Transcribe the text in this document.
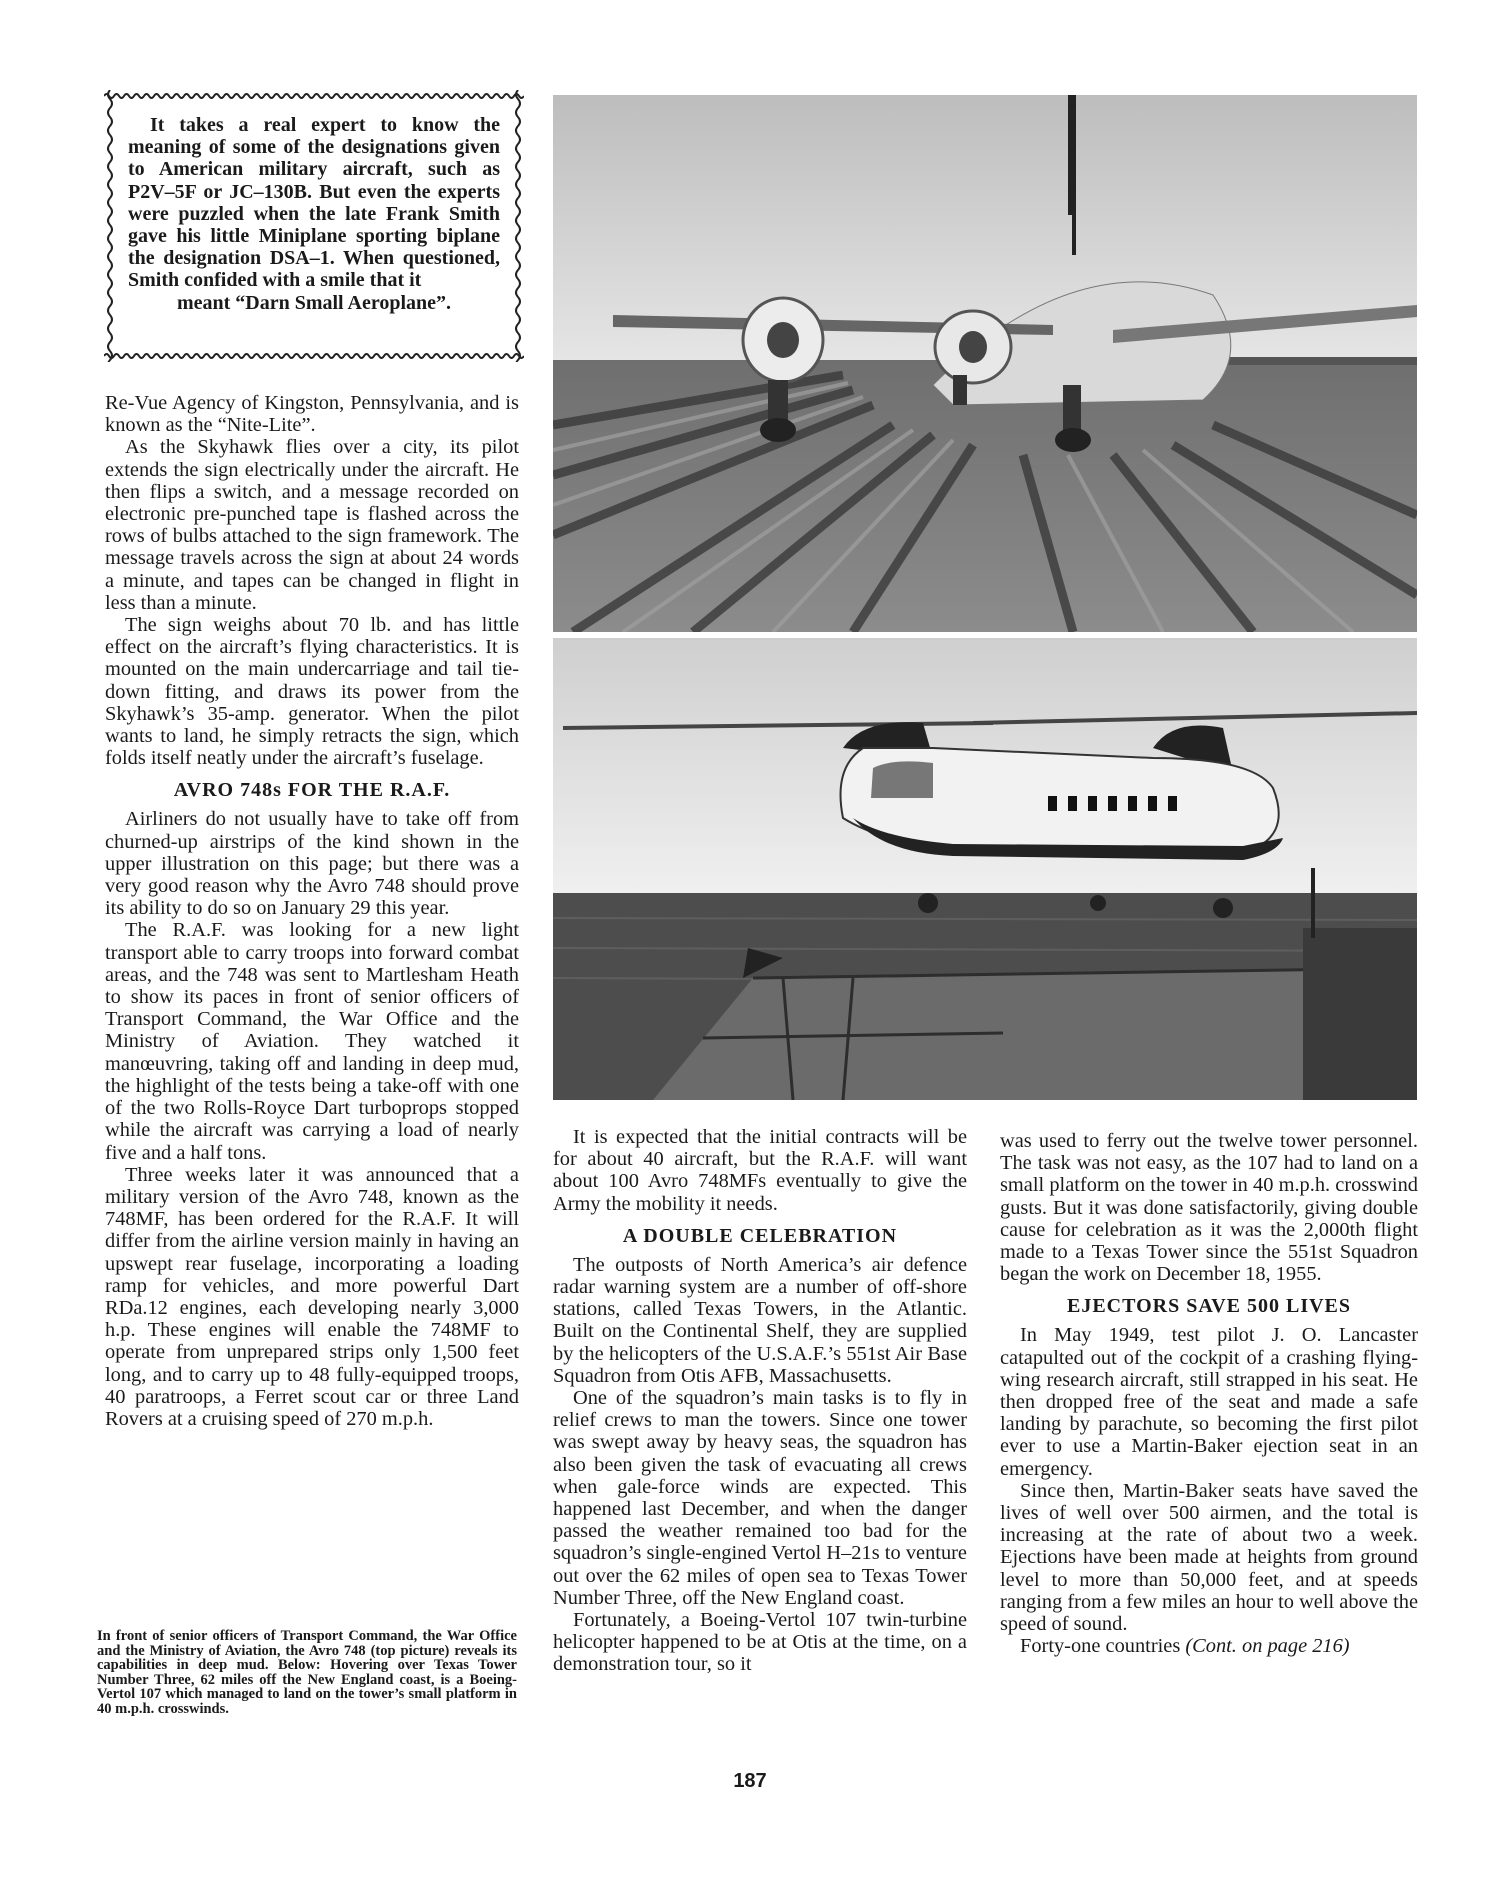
It takes a real expert to know the meaning of some of the designations given to American military aircraft, such as P2V–5F or JC–130B. But even the experts were puzzled when the late Frank Smith gave his little Miniplane sporting biplane the designation DSA–1. When questioned, Smith confided with a smile that it
meant “Darn Small Aeroplane”.

Re-Vue Agency of Kingston, Pennsylvania, and is known as the “Nite-Lite”.

As the Skyhawk flies over a city, its pilot extends the sign electrically under the aircraft. He then flips a switch, and a message recorded on electronic pre-punched tape is flashed across the rows of bulbs attached to the sign framework. The message travels across the sign at about 24 words a minute, and tapes can be changed in flight in less than a minute.

The sign weighs about 70 lb. and has little effect on the aircraft’s flying characteristics. It is mounted on the main undercarriage and tail tie-down fitting, and draws its power from the Skyhawk’s 35-amp. generator. When the pilot wants to land, he simply retracts the sign, which folds itself neatly under the aircraft’s fuselage.

AVRO 748s FOR THE R.A.F.

Airliners do not usually have to take off from churned-up airstrips of the kind shown in the upper illustration on this page; but there was a very good reason why the Avro 748 should prove its ability to do so on January 29 this year.

The R.A.F. was looking for a new light transport able to carry troops into forward combat areas, and the 748 was sent to Martlesham Heath to show its paces in front of senior officers of Transport Command, the War Office and the Ministry of Aviation. They watched it manœuvring, taking off and landing in deep mud, the highlight of the tests being a take-off with one of the two Rolls-Royce Dart turboprops stopped while the aircraft was carrying a load of nearly five and a half tons.

Three weeks later it was announced that a military version of the Avro 748, known as the 748MF, has been ordered for the R.A.F. It will differ from the airline version mainly in having an upswept rear fuselage, incorporating a loading ramp for vehicles, and more powerful Dart RDa.12 engines, each developing nearly 3,000 h.p. These engines will enable the 748MF to operate from unprepared strips only 1,500 feet long, and to carry up to 48 fully-equipped troops, 40 paratroops, a Ferret scout car or three Land Rovers at a cruising speed of 270 m.p.h.

In front of senior officers of Transport Command, the War Office and the Ministry of Aviation, the Avro 748 (top picture) reveals its capabilities in deep mud. Below: Hovering over Texas Tower Number Three, 62 miles off the New England coast, is a Boeing-Vertol 107 which managed to land on the tower’s small platform in 40 m.p.h. crosswinds.

It is expected that the initial contracts will be for about 40 aircraft, but the R.A.F. will want about 100 Avro 748MFs eventually to give the Army the mobility it needs.

A DOUBLE CELEBRATION

The outposts of North America’s air defence radar warning system are a number of off-shore stations, called Texas Towers, in the Atlantic. Built on the Continental Shelf, they are supplied by the helicopters of the U.S.A.F.’s 551st Air Base Squadron from Otis AFB, Massachusetts.

One of the squadron’s main tasks is to fly in relief crews to man the towers. Since one tower was swept away by heavy seas, the squadron has also been given the task of evacuating all crews when gale-force winds are expected. This happened last December, and when the danger passed the weather remained too bad for the squadron’s single-engined Vertol H–21s to venture out over the 62 miles of open sea to Texas Tower Number Three, off the New England coast.

Fortunately, a Boeing-Vertol 107 twin-turbine helicopter happened to be at Otis at the time, on a demonstration tour, so it

was used to ferry out the twelve tower personnel. The task was not easy, as the 107 had to land on a small platform on the tower in 40 m.p.h. crosswind gusts. But it was done satisfactorily, giving double cause for celebration as it was the 2,000th flight made to a Texas Tower since the 551st Squadron began the work on December 18, 1955.

EJECTORS SAVE 500 LIVES

In May 1949, test pilot J. O. Lancaster catapulted out of the cockpit of a crashing flying-wing research aircraft, still strapped in his seat. He then dropped free of the seat and made a safe landing by parachute, so becoming the first pilot ever to use a Martin-Baker ejection seat in an emergency.

Since then, Martin-Baker seats have saved the lives of well over 500 airmen, and the total is increasing at the rate of about two a week. Ejections have been made at heights from ground level to more than 50,000 feet, and at speeds ranging from a few miles an hour to well above the speed of sound.

Forty-one countries (Cont. on page 216)

187
